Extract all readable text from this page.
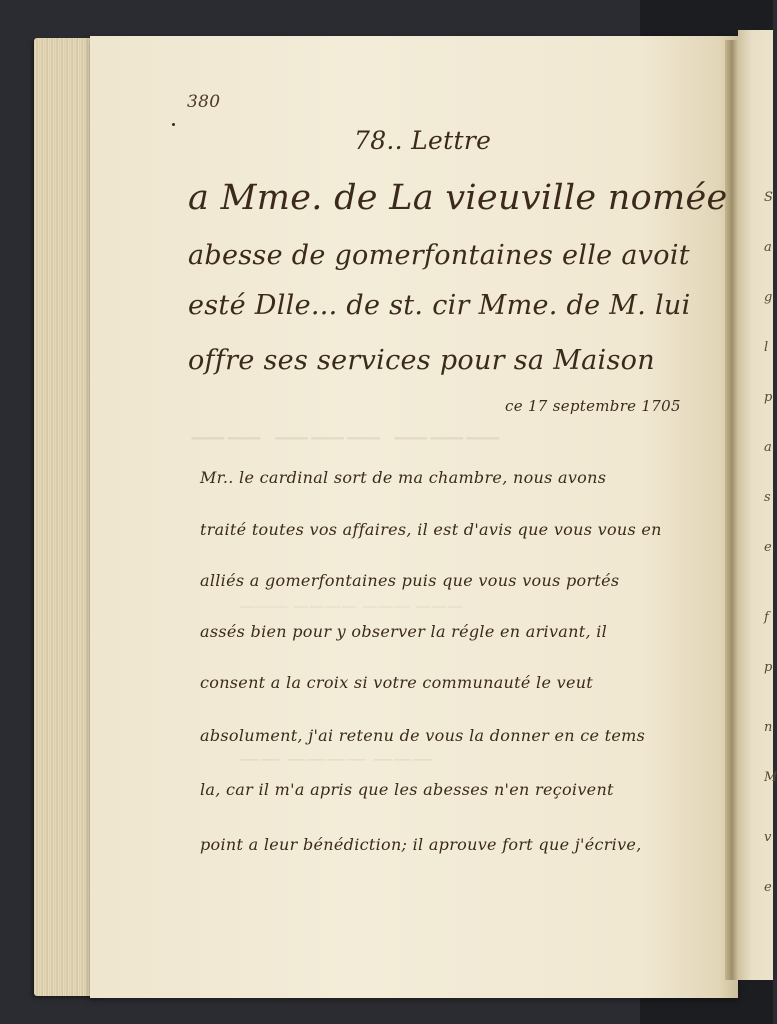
—— ——— ———
——— ———— ——— ———
—— ———— ———
S
a
g
l
p
a
s
e
f
p
n
M
v
e
380
78.. Lettre
a Mme. de La vieuville nomée
abesse de gomerfontaines elle avoit
esté Dlle... de st. cir Mme. de M. lui
offre ses services pour sa Maison
ce 17 septembre 1705
Mr.. le cardinal sort de ma chambre, nous avons
traité toutes vos affaires, il est d'avis que vous vous en
alliés a gomerfontaines puis que vous vous portés
assés bien pour y observer la régle en arivant, il
consent a la croix si votre communauté le veut
absolument, j'ai retenu de vous la donner en ce tems
la, car il m'a apris que les abesses n'en reçoivent
point a leur bénédiction; il aprouve fort que j'écrive,
